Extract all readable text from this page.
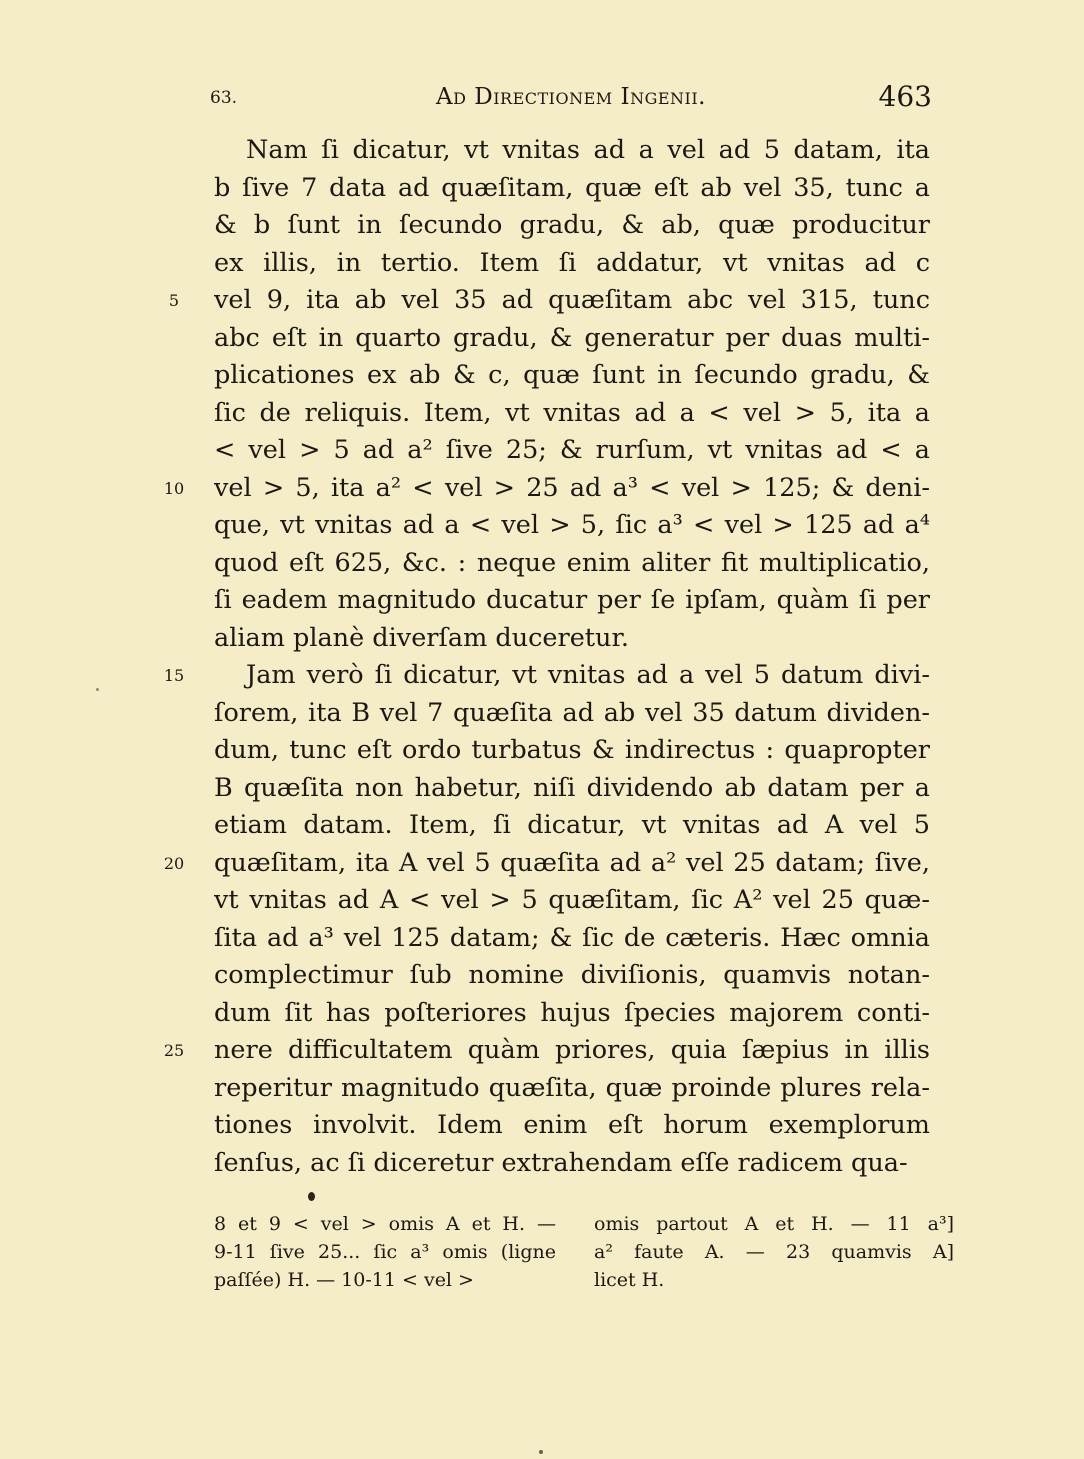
63.	Ad Directionem Ingenii.	463
5
10
15
20
25
Nam ſi dicatur, vt vnitas ad a vel ad 5 datam, ita
b ſive 7 data ad quæſitam, quæ eſt ab vel 35, tunc a
& b ſunt in ſecundo gradu, & ab, quæ producitur
ex illis, in tertio. Item ſi addatur, vt vnitas ad c
vel 9, ita ab vel 35 ad quæſitam abc vel 315, tunc
abc eſt in quarto gradu, & generatur per duas multi-
plicationes ex ab & c, quæ ſunt in ſecundo gradu, &
ſic de reliquis. Item, vt vnitas ad a < vel > 5, ita a
< vel > 5 ad a² ſive 25; & rurſum, vt vnitas ad < a
vel > 5, ita a² < vel > 25 ad a³ < vel > 125; & deni-
que, vt vnitas ad a < vel > 5, ſic a³ < vel > 125 ad a⁴
quod eſt 625, &c. : neque enim aliter fit multiplicatio,
ſi eadem magnitudo ducatur per ſe ipſam, quàm ſi per
aliam planè diverſam duceretur.
Jam verò ſi dicatur, vt vnitas ad a vel 5 datum divi-
ſorem, ita B vel 7 quæſita ad ab vel 35 datum dividen-
dum, tunc eſt ordo turbatus & indirectus : quapropter
B quæſita non habetur, niſi dividendo ab datam per a
etiam datam. Item, ſi dicatur, vt vnitas ad A vel 5
quæſitam, ita A vel 5 quæſita ad a² vel 25 datam; ſive,
vt vnitas ad A < vel > 5 quæſitam, ſic A² vel 25 quæ-
ſita ad a³ vel 125 datam; & ſic de cæteris. Hæc omnia
complectimur ſub nomine diviſionis, quamvis notan-
dum ſit has poſteriores hujus ſpecies majorem conti-
nere difficultatem quàm priores, quia ſæpius in illis
reperitur magnitudo quæſita, quæ proinde plures rela-
tiones involvit. Idem enim eſt horum exemplorum
ſenſus, ac ſi diceretur extrahendam eſſe radicem qua-
8 et 9 < vel > omis A et H. —
9-11 ſive 25... ſic a³ omis (ligne
paſſée) H. — 10-11 < vel >
omis partout A et H. — 11 a³]
a² faute A. — 23 quamvis A]
licet H.
